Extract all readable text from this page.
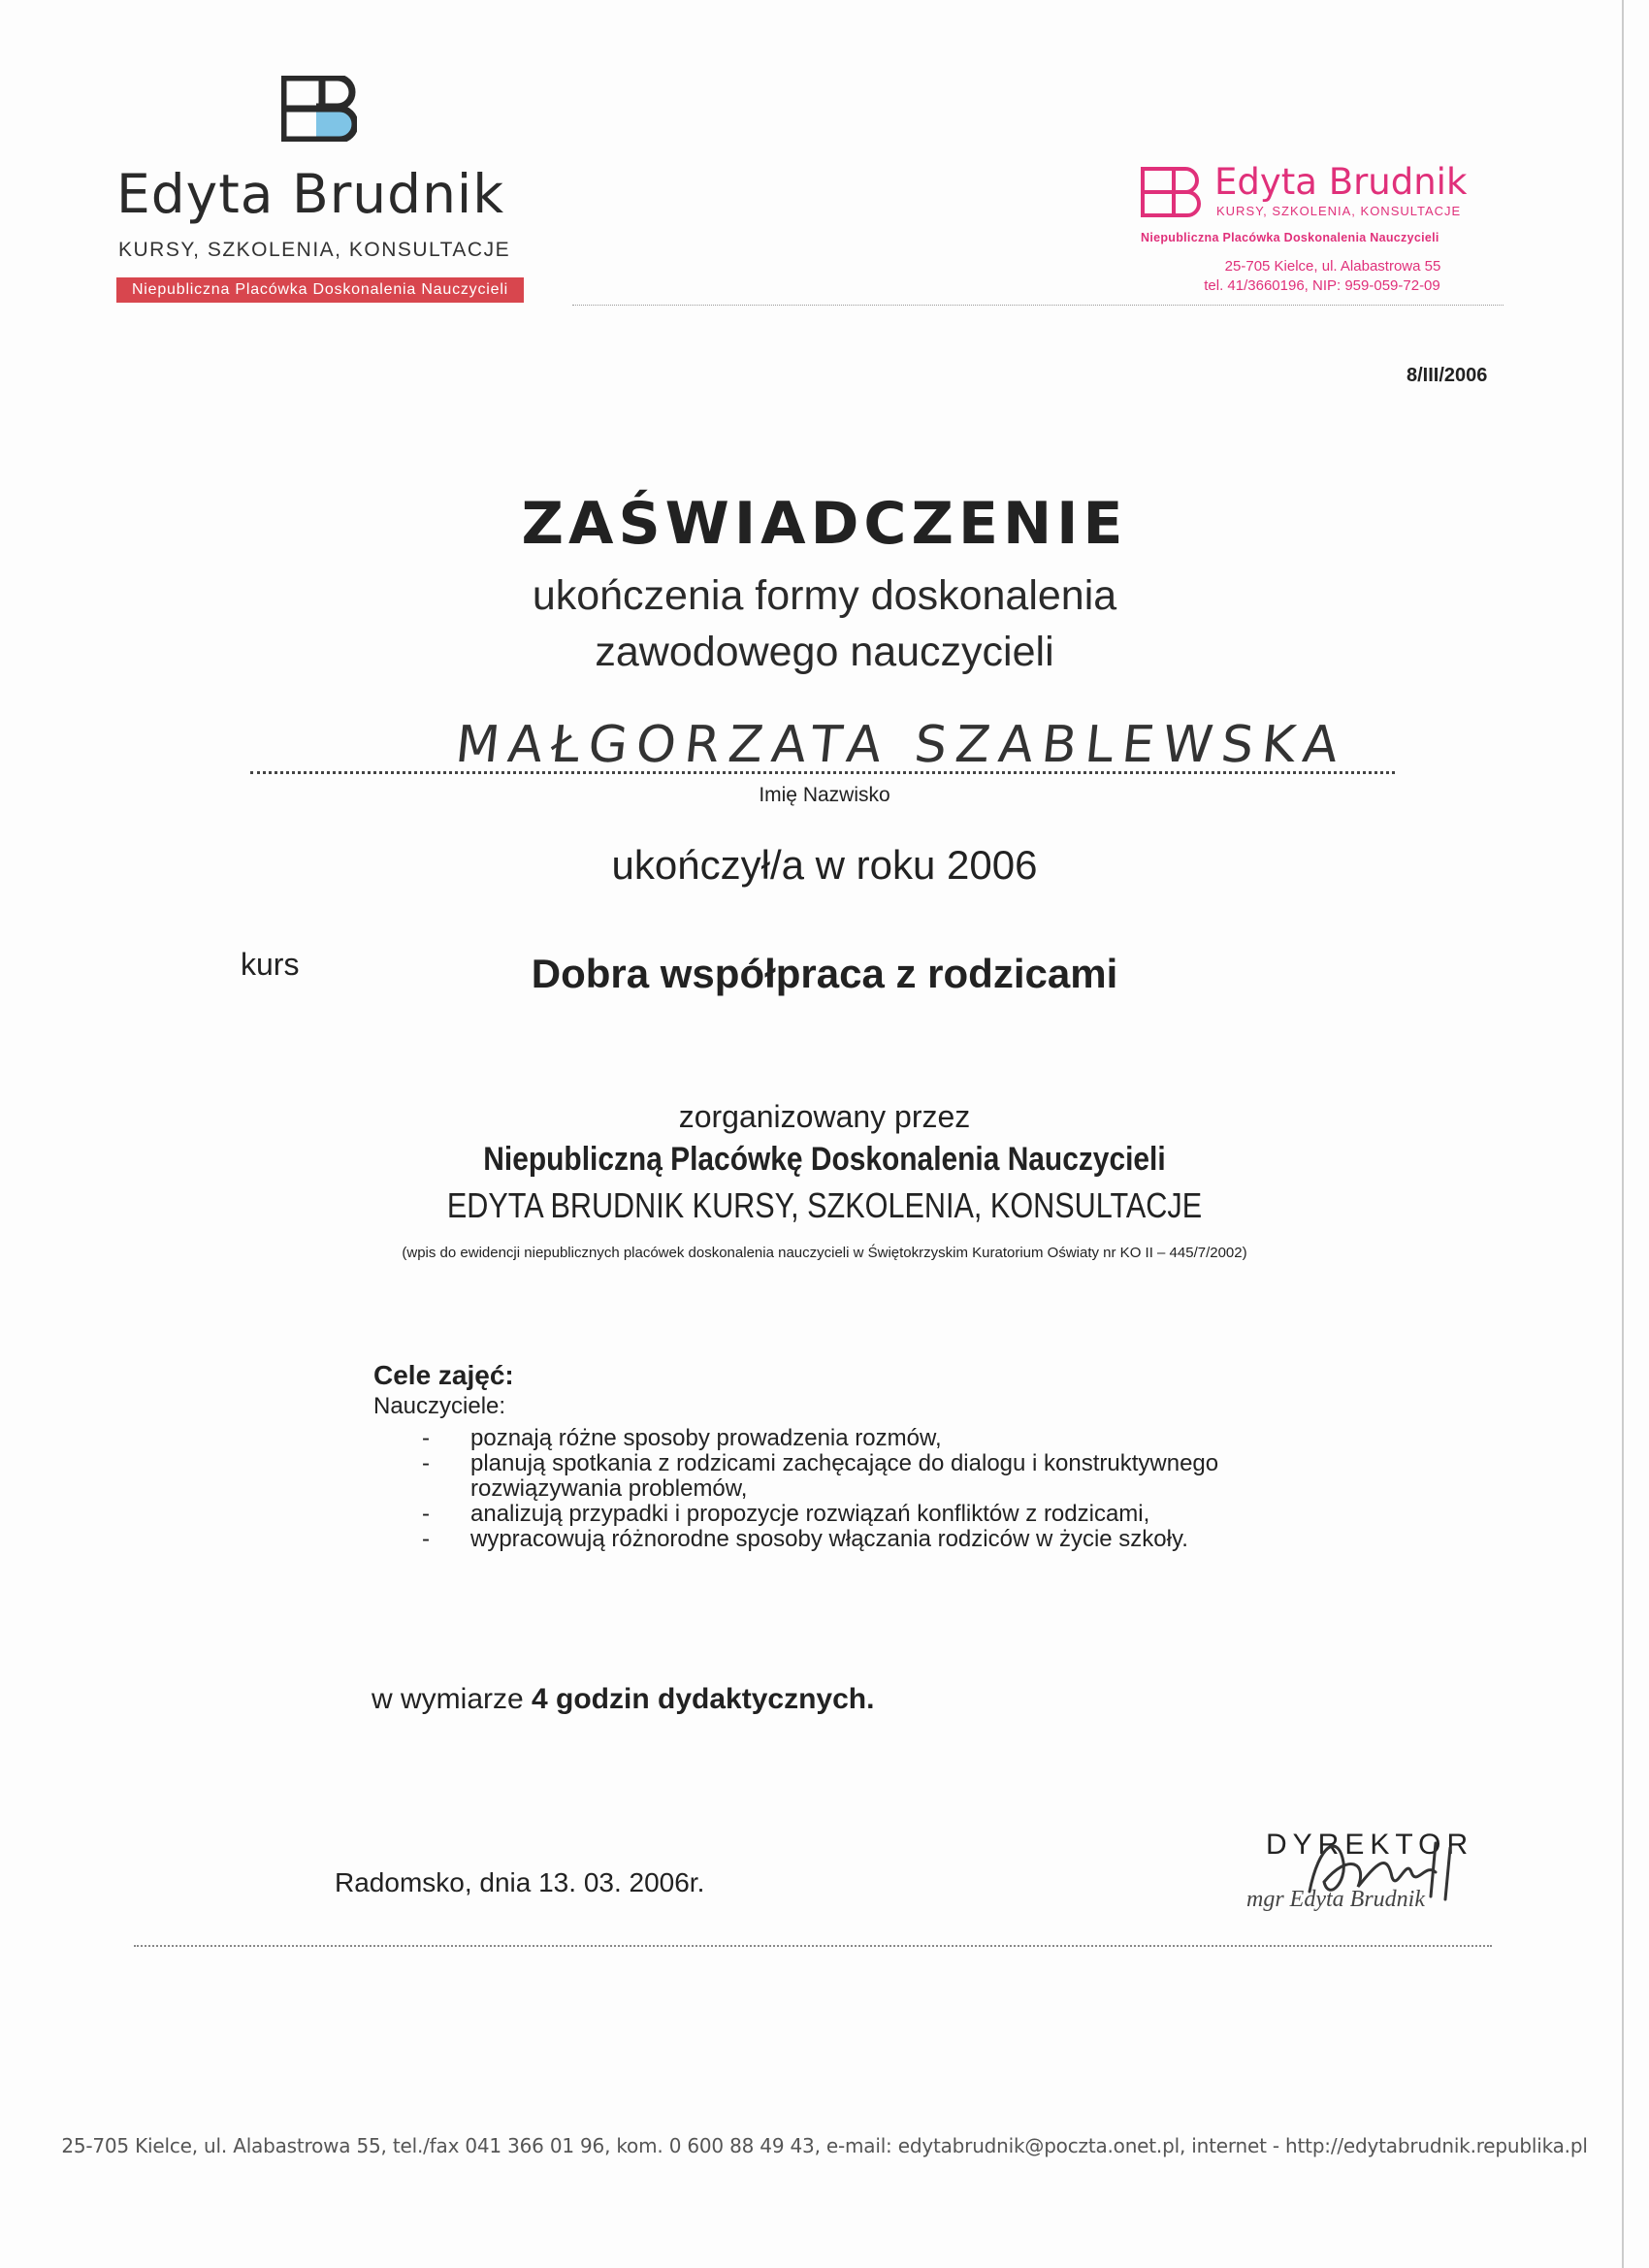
Edyta Brudnik
KURSY, SZKOLENIA, KONSULTACJE
Niepubliczna Placówka Doskonalenia Nauczycieli
Edyta Brudnik
KURSY, SZKOLENIA, KONSULTACJE
Niepubliczna Placówka Doskonalenia Nauczycieli
25-705 Kielce, ul. Alabastrowa 55
tel. 41/3660196, NIP: 959-059-72-09
8/III/2006
ZAŚWIADCZENIE
ukończenia formy doskonalenia
zawodowego nauczycieli
MAŁGORZATA SZABLEWSKA
Imię Nazwisko
ukończył/a w roku 2006
kurs	Dobra współpraca z rodzicami
zorganizowany przez
Niepubliczną Placówkę Doskonalenia Nauczycieli
EDYTA BRUDNIK KURSY, SZKOLENIA, KONSULTACJE
(wpis do ewidencji niepublicznych placówek doskonalenia nauczycieli w Świętokrzyskim Kuratorium Oświaty nr KO II – 445/7/2002)
Cele zajęć:
Nauczyciele:
- poznają różne sposoby prowadzenia rozmów,
- planują spotkania z rodzicami zachęcające do dialogu i konstruktywnego rozwiązywania problemów,
- analizują przypadki i propozycje rozwiązań konfliktów z rodzicami,
- wypracowują różnorodne sposoby włączania rodziców w życie szkoły.
w wymiarze 4 godzin dydaktycznych.
Radomsko, dnia 13. 03. 2006r.
DYREKTOR
mgr Edyta Brudnik
25-705 Kielce, ul. Alabastrowa 55, tel./fax 041 366 01 96, kom. 0 600 88 49 43, e-mail: edytabrudnik@poczta.onet.pl, internet - http://edytabrudnik.republika.pl
